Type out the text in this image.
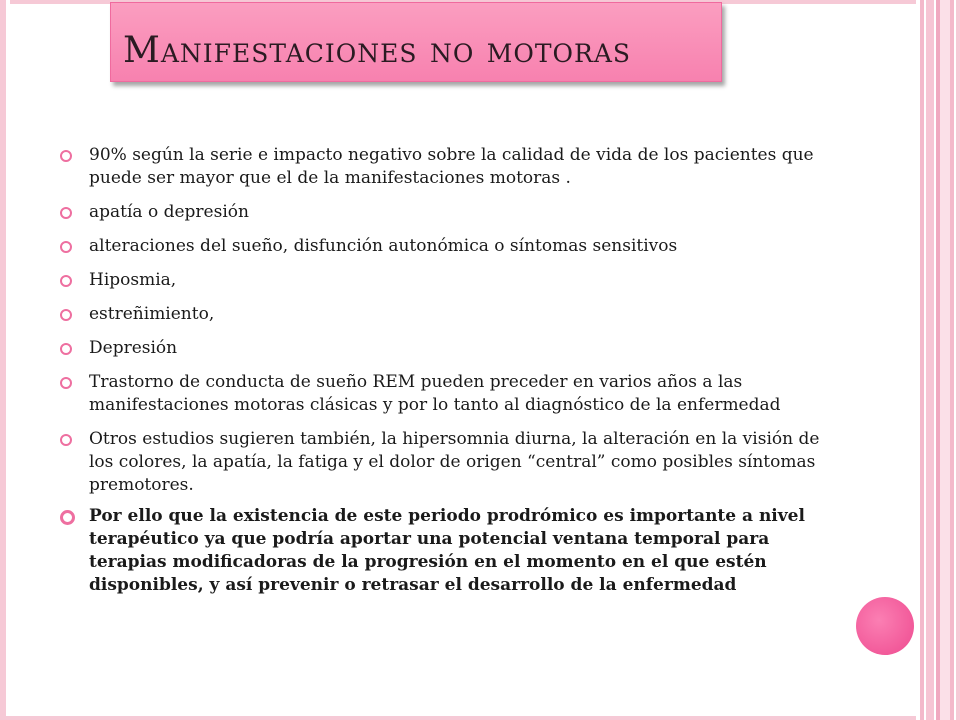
Manifestaciones no motoras
90% según la serie e impacto negativo sobre la calidad de vida de los pacientes que puede ser mayor que el de la manifestaciones motoras .
apatía o depresión
alteraciones del sueño, disfunción autonómica o síntomas sensitivos
Hiposmia,
estreñimiento,
Depresión
Trastorno de conducta de sueño REM pueden preceder en varios años a las manifestaciones motoras clásicas y por lo tanto al diagnóstico de la enfermedad
Otros estudios sugieren también, la hipersomnia diurna, la alteración en la visión de los colores, la apatía, la fatiga y el dolor de origen “central” como posibles síntomas premotores.
Por ello que la existencia de este periodo prodrómico es importante a nivel terapéutico ya que podría aportar una potencial ventana temporal para terapias modificadoras de la progresión en el momento en el que estén disponibles, y así prevenir o retrasar el desarrollo de la enfermedad
